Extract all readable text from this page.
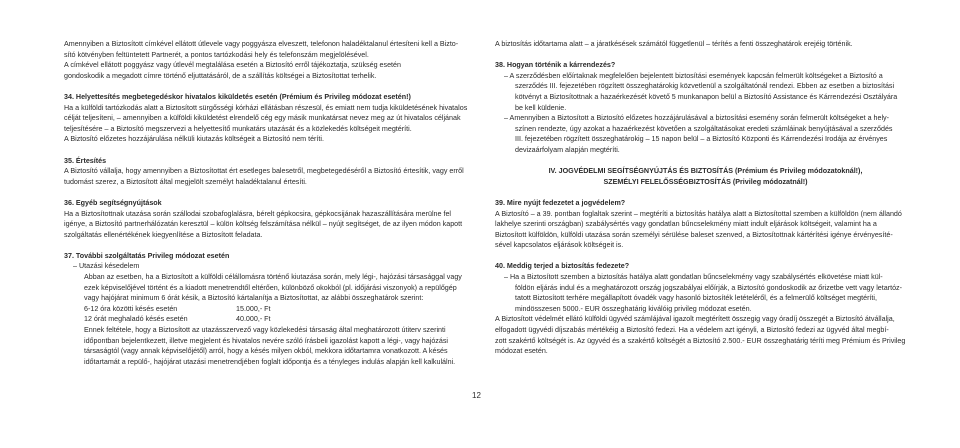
Amennyiben a Biztosított címkével ellátott útlevele vagy poggyásza elveszett, telefonon haladéktalanul értesíteni kell a Bizto-

sító kötvényben feltüntetett Partnerét, a pontos tartózkodási hely és telefonszám megjelölésével.

A címkével ellátott poggyász vagy útlevél megtalálása esetén a Biztosító erről tájékoztatja, szükség esetén

gondoskodik a megadott címre történő eljuttatásáról, de a szállítás költségei a Biztosítottat terhelik.

34. Helyettesítés megbetegedéskor hivatalos kiküldetés esetén (Prémium és Privileg módozat esetén!)

Ha a külföldi tartózkodás alatt a Biztosított sürgősségi kórházi ellátásban részesül, és emiatt nem tudja kiküldetésének hivatalos

célját teljesíteni, – amennyiben a külföldi kiküldetést elrendelő cég egy másik munkatársat nevez meg az út hivatalos céljának

teljesítésére – a Biztosító megszervezi a helyettesítő munkatárs utazását és a közlekedés költségeit megtéríti.

A Biztosító előzetes hozzájárulása nélküli kiutazás költségeit a Biztosító nem téríti.

35. Értesítés

A Biztosító vállalja, hogy amennyiben a Biztosítottat ért esetleges balesetről, megbetegedéséről a Biztosító értesítik, vagy erről

tudomást szerez, a Biztosított által megjelölt személyt haladéktalanul értesíti.

36. Egyéb segítségnyújtások

Ha a Biztosítottnak utazása során szállodai szobafoglalásra, bérelt gépkocsira, gépkocsijának hazaszállítására merülne fel

igénye, a Biztosító partnerhálózatán keresztül – külön költség felszámítása nélkül – nyújt segítséget, de az ilyen módon kapott

szolgáltatás ellenértékének kiegyenlítése a Biztosított feladata.

37. További szolgáltatás Privileg módozat esetén

– Utazási késedelem

Abban az esetben, ha a Biztosított a külföldi célállomásra történő kiutazása során, mely légi-, hajózási társasággal vagy

ezek képviselőjével történt és a kiadott menetrendtől eltérően, különböző okokból (pl. időjárási viszonyok) a repülőgép

vagy hajójárat minimum 6 órát késik, a Biztosító kártalanítja a Biztosítottat, az alábbi összeghatárok szerint:

6-12 óra közötti késés esetén	15.000,- Ft
12 órát meghaladó késés esetén	40.000,- Ft

Ennek feltétele, hogy a Biztosított az utazásszervező vagy közlekedési társaság által meghatározott útiterv szerinti

időpontban bejelentkezett, illetve megjelent és hivatalos nevére szóló írásbeli igazolást kapott a légi-, vagy hajózási

társaságtól (vagy annak képviselőjétől) arról, hogy a késés milyen okból, mekkora időtartamra vonatkozott. A késés

időtartamát a repülő-, hajójárat utazási menetrendjében foglalt időpontja és a tényleges indulás alapján kell kalkulálni.

12

A biztosítás időtartama alatt – a járatkésések számától függetlenül – térítés a fenti összeghatárok erejéig történik.

38. Hogyan történik a kárrendezés?

– A szerződésben előírtaknak megfelelően bejelentett biztosítási események kapcsán felmerült költségeket a Biztosító a

szerződés III. fejezetében rögzített összeghatárokig közvetlenül a szolgáltatónál rendezi. Ebben az esetben a biztosítási

kötvényt a Biztosítottnak a hazaérkezését követő 5 munkanapon belül a Biztosító Assistance és Kárrendezési Osztályára

be kell küldenie.

– Amennyiben a Biztosított a Biztosító előzetes hozzájárulásával a biztosítási esemény során felmerült költségeket a hely-

színen rendezte, úgy azokat a hazaérkezést követően a szolgáltatásokat eredeti számláinak benyújtásával a szerződés

III. fejezetében rögzített összeghatárokig – 15 napon belül – a Biztosító Központi és Kárrendezési Irodája az érvényes

devizaárfolyam alapján megtéríti.

IV. JOGVÉDELMI SEGÍTSÉGNYÚJTÁS ÉS BIZTOSÍTÁS (Prémium és Privileg módozatoknál!),

SZEMÉLYI FELELŐSSÉGBIZTOSÍTÁS (Privileg módozatnál!)

39. Mire nyújt fedezetet a jogvédelem?

A Biztosító – a 39. pontban foglaltak szerint – megtéríti a biztosítás hatálya alatt a Biztosítottal szemben a külföldön (nem állandó

lakhelye szerinti országban) szabálysértés vagy gondatlan bűncselekmény miatt indult eljárások költségeit, valamint ha a

Biztosított külföldön, külföldi utazása során személyi sérülése baleset szenved, a Biztosítottnak kártérítési igénye érvényesíté-

sével kapcsolatos eljárások költségeit is.

40. Meddig terjed a biztosítás fedezete?

– Ha a Biztosított szemben a biztosítás hatálya alatt gondatlan bűncselekmény vagy szabálysértés elkövetése miatt kül-

földön eljárás indul és a meghatározott ország jogszabályai előírják, a Biztosító gondoskodik az őrizetbe vett vagy letartóz-

tatott Biztosított terhére megállapított óvadék vagy hasonló biztosíték letételéről, és a felmerülő költséget megtéríti,

mindösszesen 5000.- EUR összeghatárig kiválóig privileg módozat esetén.

A Biztosított védelmét ellátó külföldi ügyvéd számlájával igazolt megtérített összegig vagy óradíj összegét a Biztosító átvállalja,

elfogadott ügyvédi díjszabás mértékéig a Biztosító fedezi. Ha a védelem azt igényli, a Biztosító fedezi az ügyvéd által megbí-

zott szakértő költségét is. Az ügyvéd és a szakértő költségét a Biztosító 2.500.- EUR összeghatárig téríti meg Prémium és Privileg

módozat esetén.
